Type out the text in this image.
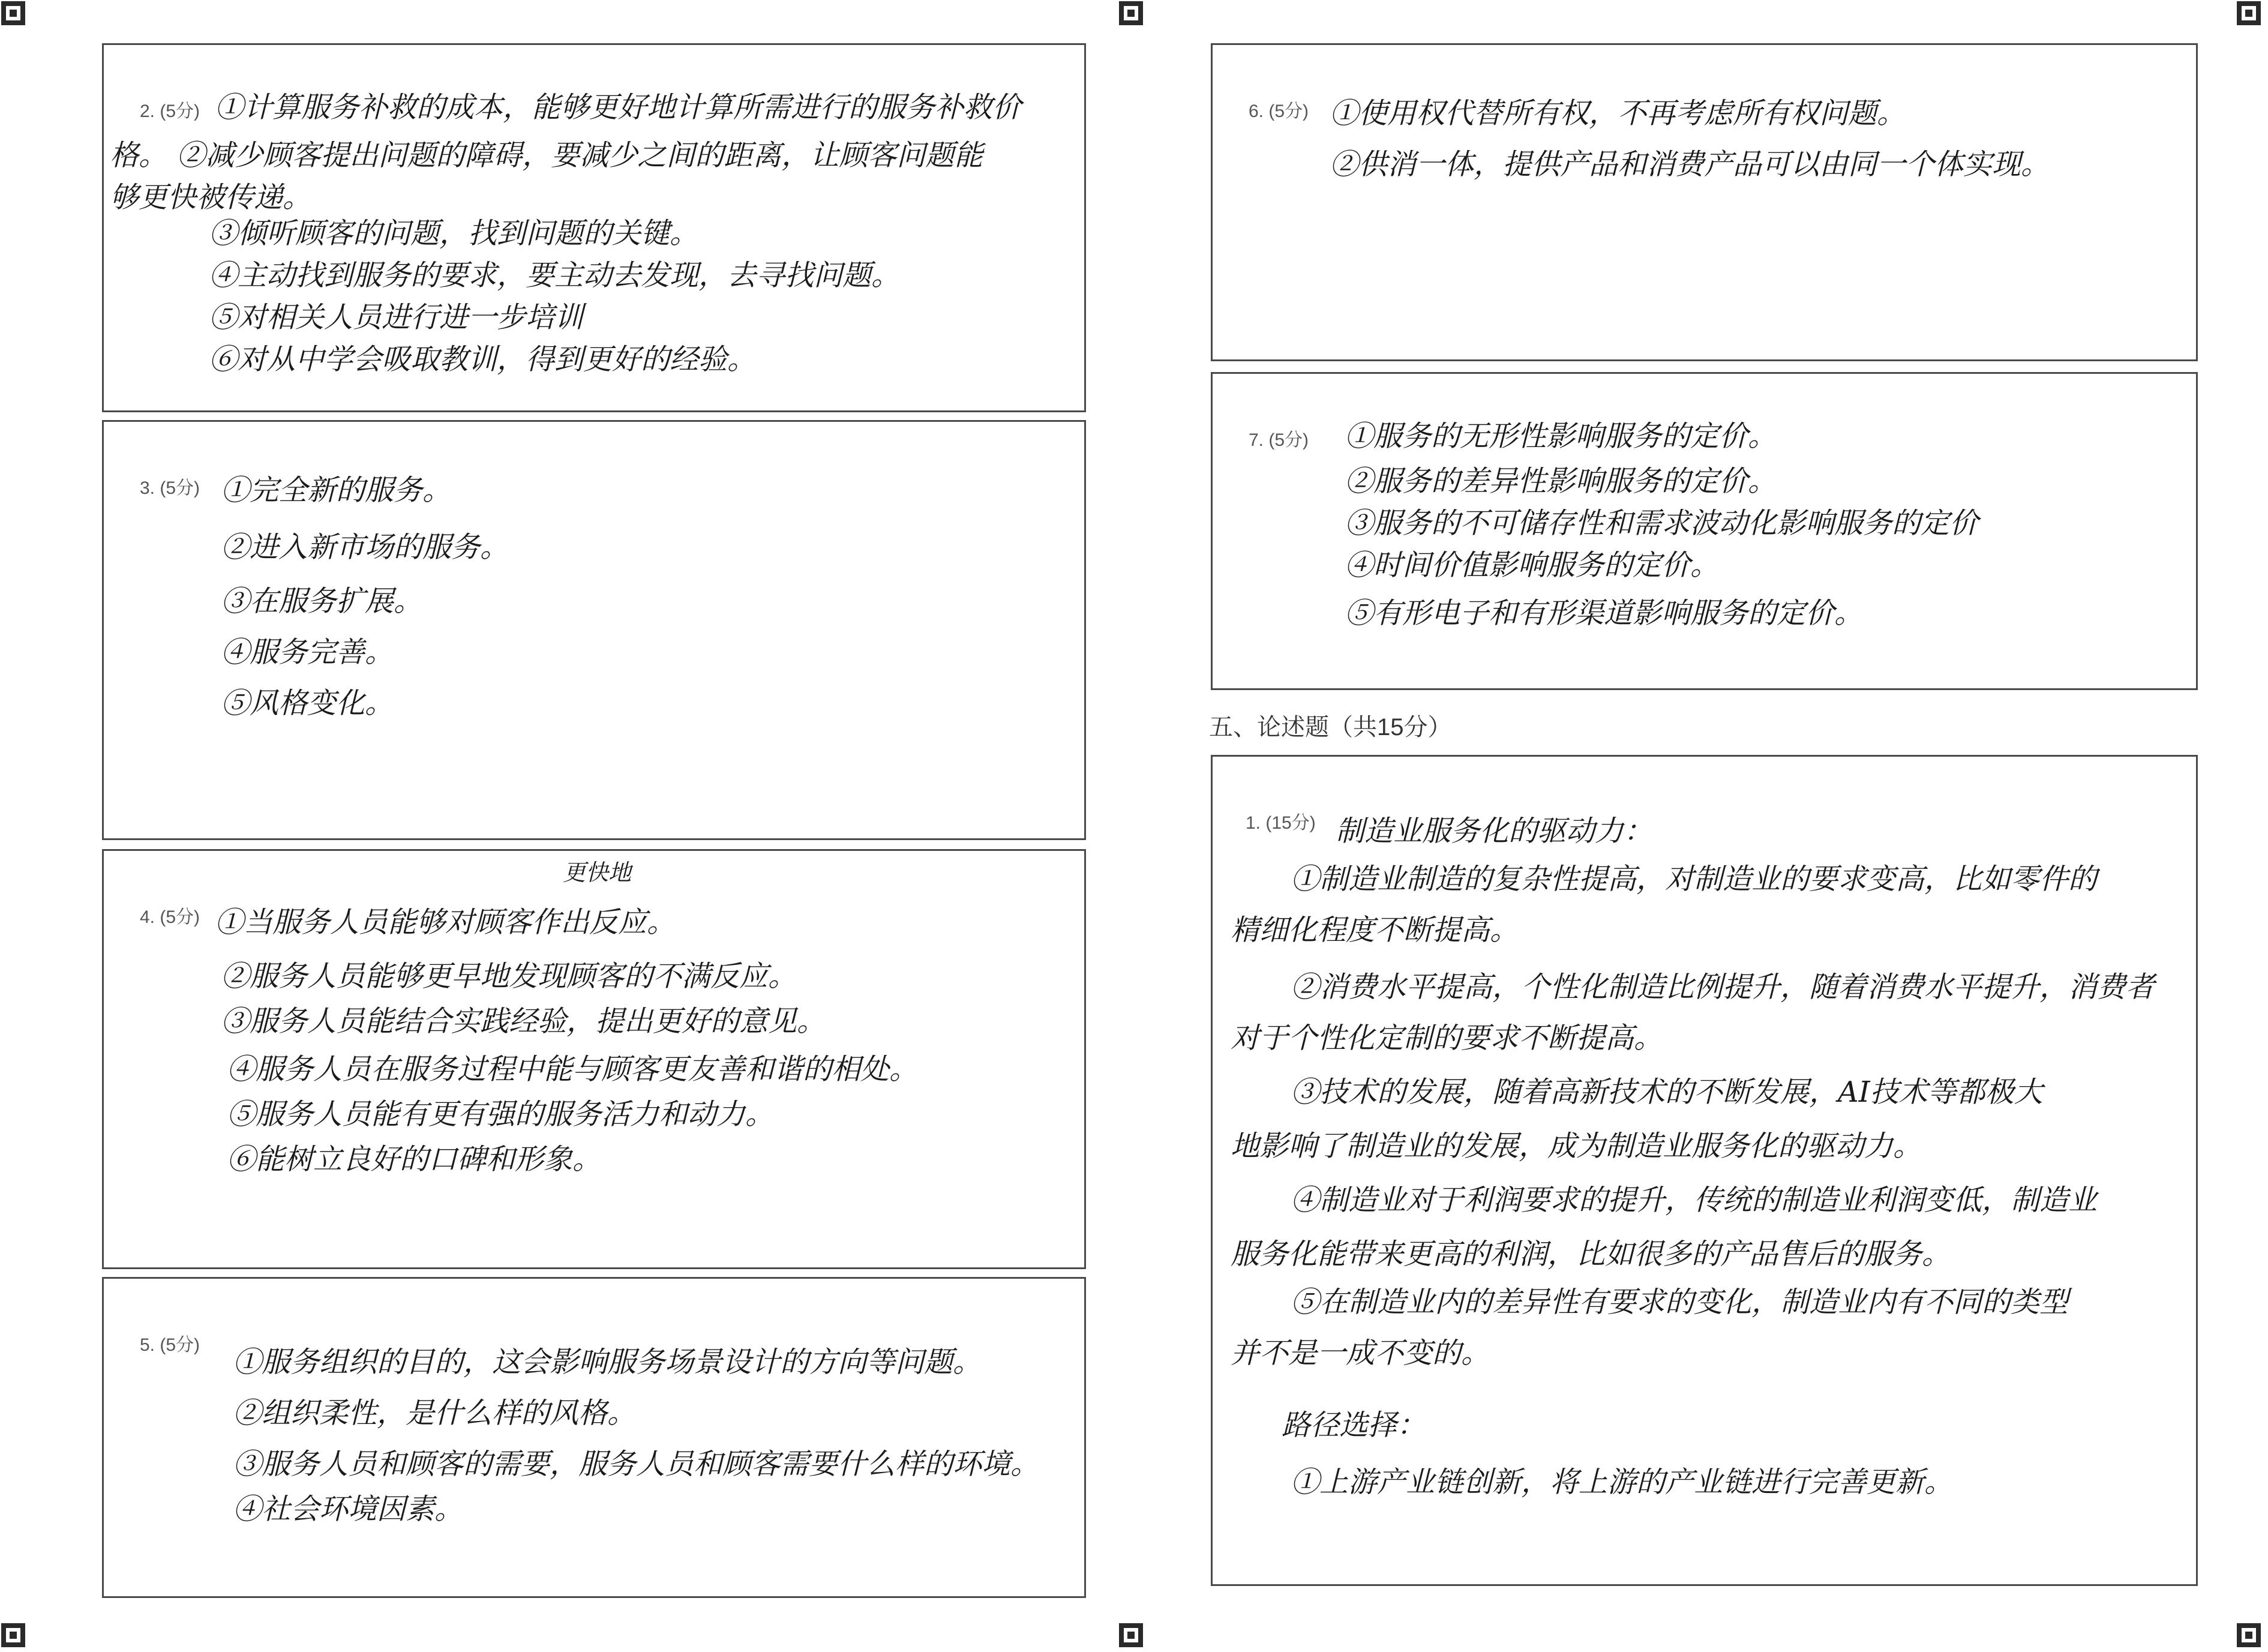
2. (5分) ①计算服务补救的成本，能够更好地计算所需进行的服务补救价
格。 ②减少顾客提出问题的障碍，要减少之间的距离，让顾客问题能
够更快被传递。
③倾听顾客的问题，找到问题的关键。
④主动找到服务的要求，要主动去发现，去寻找问题。
⑤对相关人员进行进一步培训
⑥对从中学会吸取教训，得到更好的经验。
3. (5分) ①完全新的服务。
②进入新市场的服务。
③在服务扩展。
④服务完善。
⑤风格变化。
4. (5分)
更快地
①当服务人员能够对顾客作出反应。
②服务人员能够更早地发现顾客的不满反应。
③服务人员能结合实践经验，提出更好的意见。
④服务人员在服务过程中能与顾客更友善和谐的相处。
⑤服务人员能有更有强的服务活力和动力。
⑥能树立良好的口碑和形象。
5. (5分)
①服务组织的目的，这会影响服务场景设计的方向等问题。
②组织柔性，是什么样的风格。
③服务人员和顾客的需要，服务人员和顾客需要什么样的环境。
④社会环境因素。
6. (5分) ①使用权代替所有权，不再考虑所有权问题。
②供消一体，提供产品和消费产品可以由同一个体实现。
7. (5分) ①服务的无形性影响服务的定价。
②服务的差异性影响服务的定价。
③服务的不可储存性和需求波动化影响服务的定价
④时间价值影响服务的定价。
⑤有形电子和有形渠道影响服务的定价。
五、论述题（共15分）
1. (15分) 制造业服务化的驱动力：
①制造业制造的复杂性提高，对制造业的要求变高，比如零件的
精细化程度不断提高。
②消费水平提高，个性化制造比例提升，随着消费水平提升，消费者
对于个性化定制的要求不断提高。
③技术的发展，随着高新技术的不断发展，AI技术等都极大
地影响了制造业的发展，成为制造业服务化的驱动力。
④制造业对于利润要求的提升，传统的制造业利润变低，制造业
服务化能带来更高的利润，比如很多的产品售后的服务。
⑤在制造业内的差异性有要求的变化，制造业内有不同的类型
并不是一成不变的。
路径选择：
①上游产业链创新，将上游的产业链进行完善更新。
